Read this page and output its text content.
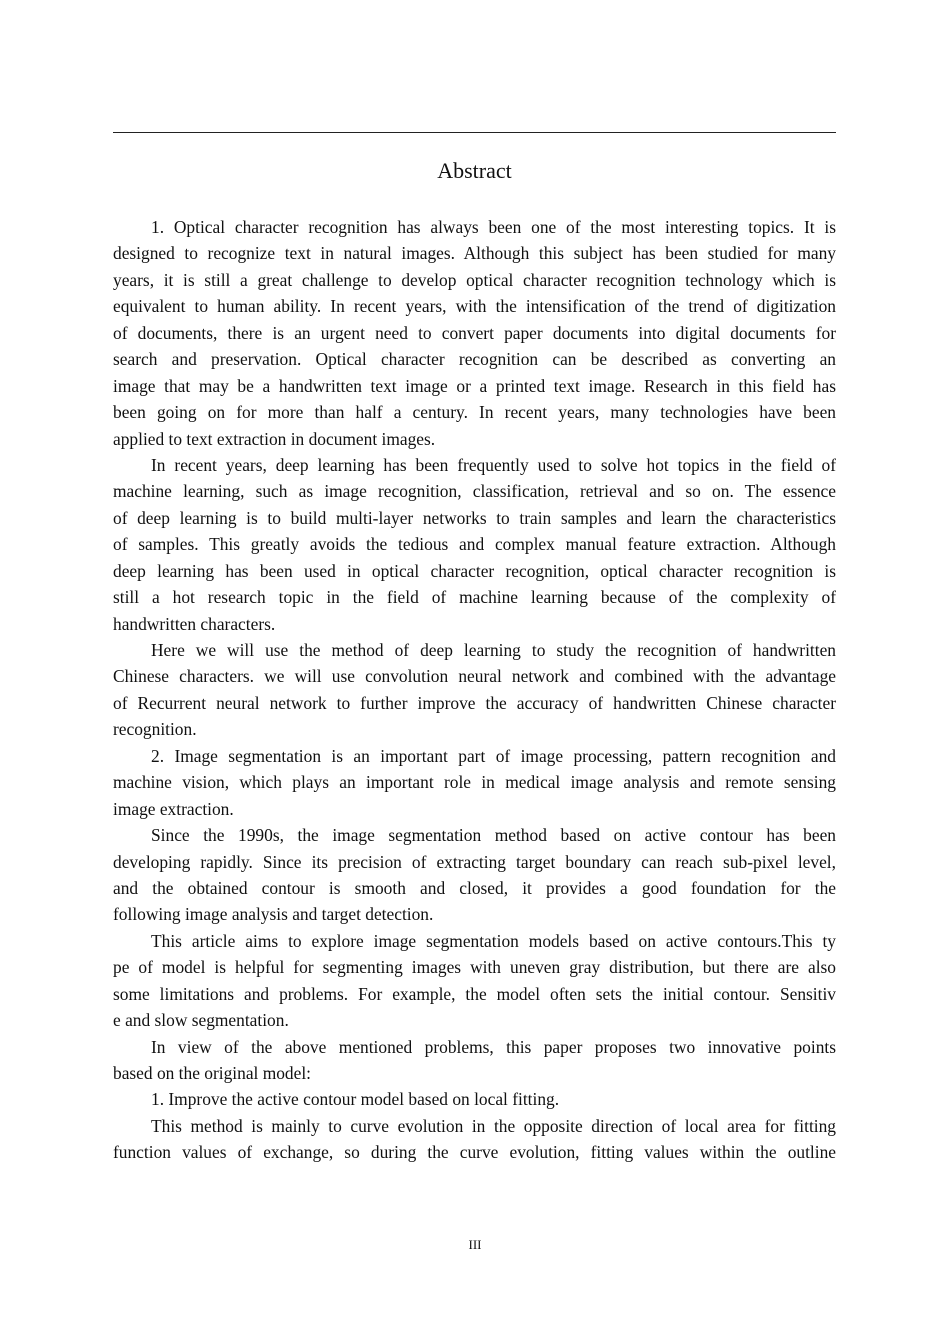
Abstract
1. Optical character recognition has always been one of the most interesting topics. It is
designed to recognize text in natural images. Although this subject has been studied for many
years, it is still a great challenge to develop optical character recognition technology which is
equivalent to human ability. In recent years, with the intensification of the trend of digitization
of documents, there is an urgent need to convert paper documents into digital documents for
search and preservation. Optical character recognition can be described as converting an
image that may be a handwritten text image or a printed text image. Research in this field has
been going on for more than half a century. In recent years, many technologies have been
applied to text extraction in document images.
In recent years, deep learning has been frequently used to solve hot topics in the field of
machine learning, such as image recognition, classification, retrieval and so on. The essence
of deep learning is to build multi-layer networks to train samples and learn the characteristics
of samples. This greatly avoids the tedious and complex manual feature extraction. Although
deep learning has been used in optical character recognition, optical character recognition is
still a hot research topic in the field of machine learning because of the complexity of
handwritten characters.
Here we will use the method of deep learning to study the recognition of handwritten
Chinese characters. we will use convolution neural network and combined with the advantage
of Recurrent neural network to further improve the accuracy of handwritten Chinese character
recognition.
2. Image segmentation is an important part of image processing, pattern recognition and
machine vision, which plays an important role in medical image analysis and remote sensing
image extraction.
Since the 1990s, the image segmentation method based on active contour has been
developing rapidly. Since its precision of extracting target boundary can reach sub-pixel level,
and the obtained contour is smooth and closed, it provides a good foundation for the
following image analysis and target detection.
This article aims to explore image segmentation models based on active contours.This ty
pe of model is helpful for segmenting images with uneven gray distribution, but there are also
some limitations and problems. For example, the model often sets the initial contour. Sensitiv
e and slow segmentation.
In view of the above mentioned problems, this paper proposes two innovative points
based on the original model:
1. Improve the active contour model based on local fitting.
This method is mainly to curve evolution in the opposite direction of local area for fitting
function values of exchange, so during the curve evolution, fitting values within the outline
III
